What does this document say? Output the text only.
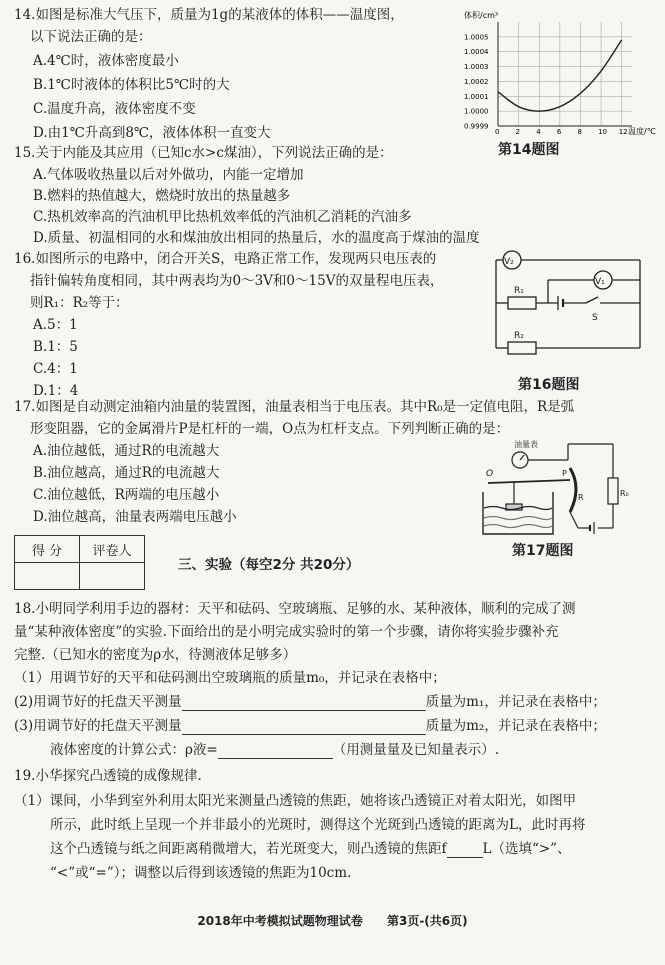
14.如图是标准大气压下，质量为1g的某液体的体积——温度图，
以下说法正确的是：
A.4℃时，液体密度最小
B.1℃时液体的体积比5℃时的大
C.温度升高，液体密度不变
D.由1℃升高到8℃，液体体积一直变大
体积/cm³
1.0005
1.0004
1.0003
1.0002
1.0001
1.0000
0.9999
0 2 4 6 8 10 12 温度/℃
第14题图
15.关于内能及其应用（已知c水>c煤油），下列说法正确的是：
A.气体吸收热量以后对外做功，内能一定增加
B.燃料的热值越大，燃烧时放出的热量越多
C.热机效率高的汽油机甲比热机效率低的汽油机乙消耗的汽油多
D.质量、初温相同的水和煤油放出相同的热量后，水的温度高于煤油的温度
16.如图所示的电路中，闭合开关S，电路正常工作，发现两只电压表的
指针偏转角度相同，其中两表均为0～3V和0～15V的双量程电压表，
则R₁：R₂等于：
A.5：1
B.1：5
C.4：1
D.1：4
V₂
V₁
R₁
S
R₂
第16题图
17.如图是自动测定油箱内油量的装置图，油量表相当于电压表。其中R₀是一定值电阻，R是弧
形变阻器，它的金属滑片P是杠杆的一端，O点为杠杆支点。下列判断正确的是：
A.油位越低，通过R的电流越大
B.油位越高，通过R的电流越大
C.油位越低，R两端的电压越小
D.油位越高，油量表两端电压越小
油量表
R₀
R
O	P
第17题图
得 分	评卷人

三、实验（每空2分 共20分）
18.小明同学利用手边的器材：天平和砝码、空玻璃瓶、足够的水、某种液体，顺利的完成了测
量“某种液体密度”的实验.下面给出的是小明完成实验时的第一个步骤，请你将实验步骤补充
完整.（已知水的密度为ρ水，待测液体足够多）
（1）用调节好的天平和砝码测出空玻璃瓶的质量m₀，并记录在表格中；
(2)用调节好的托盘天平测量	质量为m₁，并记录在表格中；
(3)用调节好的托盘天平测量	质量为m₂，并记录在表格中；
液体密度的计算公式：ρ液=	（用测量量及已知量表示）.
19.小华探究凸透镜的成像规律.
（1）课间，小华到室外利用太阳光来测量凸透镜的焦距，她将该凸透镜正对着太阳光，如图甲
所示，此时纸上呈现一个并非最小的光斑时，测得这个光斑到凸透镜的距离为L，此时再将
这个凸透镜与纸之间距离稍微增大，若光斑变大，则凸透镜的焦距f	L（选填“>”、
“<”或“=”）；调整以后得到该透镜的焦距为10cm.
2018年中考模拟试题物理试卷 第3页-(共6页)
